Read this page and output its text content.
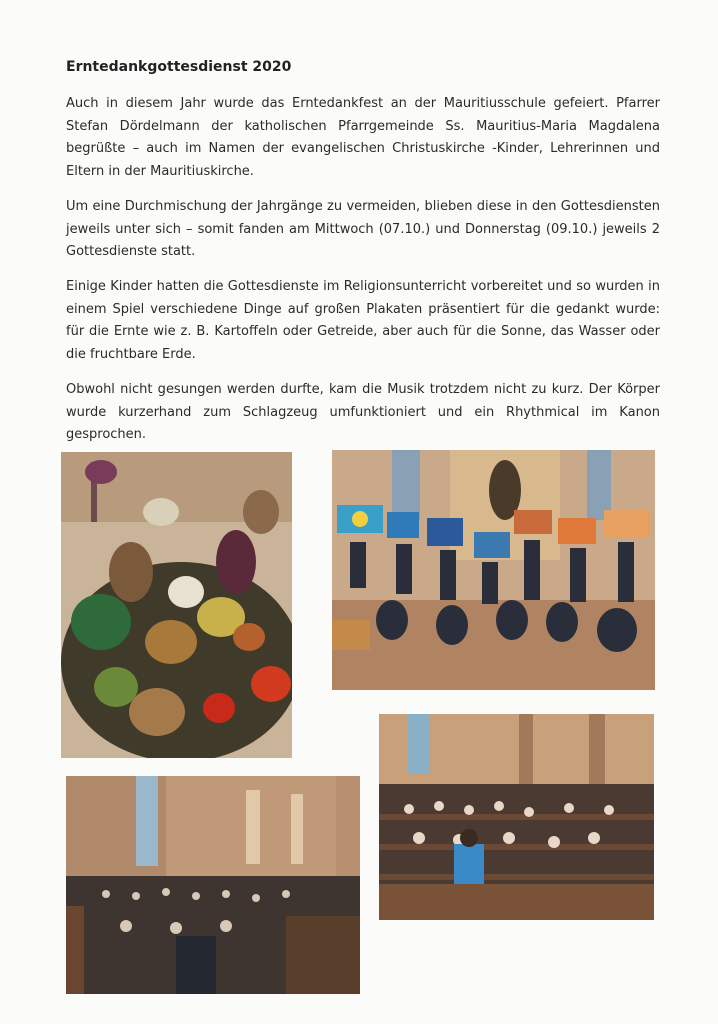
Erntedankgottesdienst 2020

Auch in diesem Jahr wurde das Erntedankfest an der Mauritiusschule gefeiert. Pfarrer Stefan Dördelmann der katholischen Pfarrgemeinde Ss. Mauritius-Maria Magdalena begrüßte – auch im Namen der evangelischen Christuskirche -Kinder, Lehrerinnen und Eltern in der Mauritiuskirche.

Um eine Durchmischung der Jahrgänge zu vermeiden, blieben diese in den Gottesdiensten jeweils unter sich – somit fanden am Mittwoch (07.10.) und Donnerstag (09.10.) jeweils 2 Gottesdienste statt.

Einige Kinder hatten die Gottesdienste im Religionsunterricht vorbereitet und so wurden in einem Spiel verschiedene Dinge auf großen Plakaten präsentiert für die gedankt wurde: für die Ernte wie z. B. Kartoffeln oder Getreide, aber auch für die Sonne, das Wasser oder die fruchtbare Erde.

Obwohl nicht gesungen werden durfte, kam die Musik trotzdem nicht zu kurz. Der Körper wurde kurzerhand zum Schlagzeug umfunktioniert und ein Rhythmical im Kanon gesprochen.
